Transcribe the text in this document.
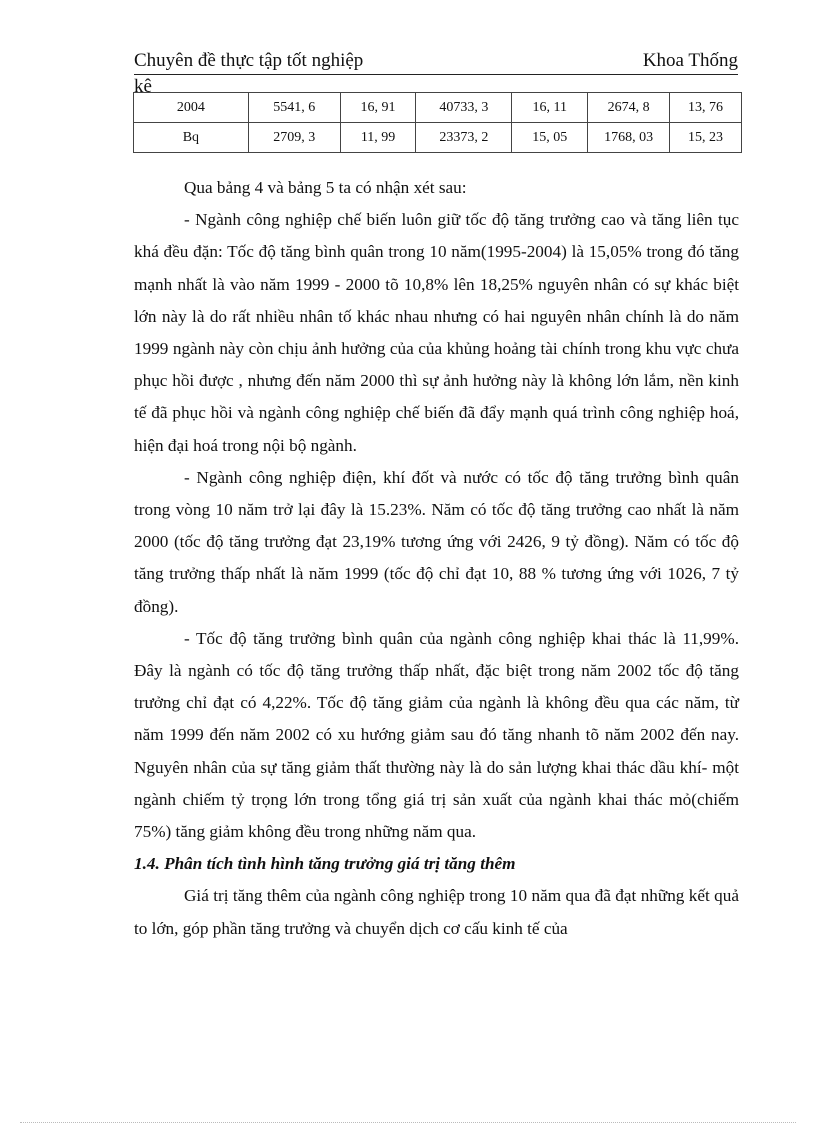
Chuyên đề thực tập tốt nghiệp	Khoa Thống
kê
2004	5541, 6	16, 91	40733, 3	16, 11	2674, 8	13, 76
Bq	2709, 3	11, 99	23373, 2	15, 05	1768, 03	15, 23

Qua bảng 4 và bảng 5 ta có nhận xét sau:

- Ngành công nghiệp chế biến luôn giữ tốc độ tăng trưởng cao và tăng liên tục khá đều đặn: Tốc độ tăng bình quân trong 10 năm(1995-2004) là 15,05% trong đó tăng mạnh nhất là vào năm 1999 - 2000 tõ 10,8% lên 18,25% nguyên nhân có sự khác biệt lớn này là do rất nhiều nhân tố khác nhau nhưng có hai nguyên nhân chính là do năm 1999 ngành này còn chịu ảnh hưởng của của khủng hoảng tài chính trong khu vực chưa phục hồi được , nhưng đến năm 2000 thì sự ảnh hưởng này là không lớn lắm, nền kinh tế đã phục hồi và ngành công nghiệp chế biến đã đẩy mạnh quá trình công nghiệp hoá, hiện đại hoá trong nội bộ ngành.

- Ngành công nghiệp điện, khí đốt và nước có tốc độ tăng trưởng bình quân trong vòng 10 năm trở lại đây là 15.23%. Năm có tốc độ tăng trưởng cao nhất là năm 2000 (tốc độ tăng trưởng đạt 23,19% tương ứng với 2426, 9 tỷ đồng). Năm có tốc độ tăng trưởng thấp nhất là năm 1999 (tốc độ chỉ đạt 10, 88 % tương ứng với 1026, 7 tỷ đồng).

- Tốc độ tăng trưởng bình quân của ngành công nghiệp khai thác là 11,99%. Đây là ngành có tốc độ tăng trưởng thấp nhất, đặc biệt trong năm 2002 tốc độ tăng trưởng chỉ đạt có 4,22%. Tốc độ tăng giảm của ngành là không đều qua các năm, từ năm 1999 đến năm 2002 có xu hướng giảm sau đó tăng nhanh tõ năm 2002 đến nay. Nguyên nhân của sự tăng giảm thất thường này là do sản lượng khai thác dầu khí- một ngành chiếm tỷ trọng lớn trong tổng giá trị sản xuất của ngành khai thác mỏ(chiếm 75%) tăng giảm không đều trong những năm qua.

1.4. Phân tích tình hình tăng trưởng giá trị tăng thêm

Giá trị tăng thêm của ngành công nghiệp trong 10 năm qua đã đạt những kết quả to lớn, góp phần tăng trưởng và chuyển dịch cơ cấu kinh tế của
